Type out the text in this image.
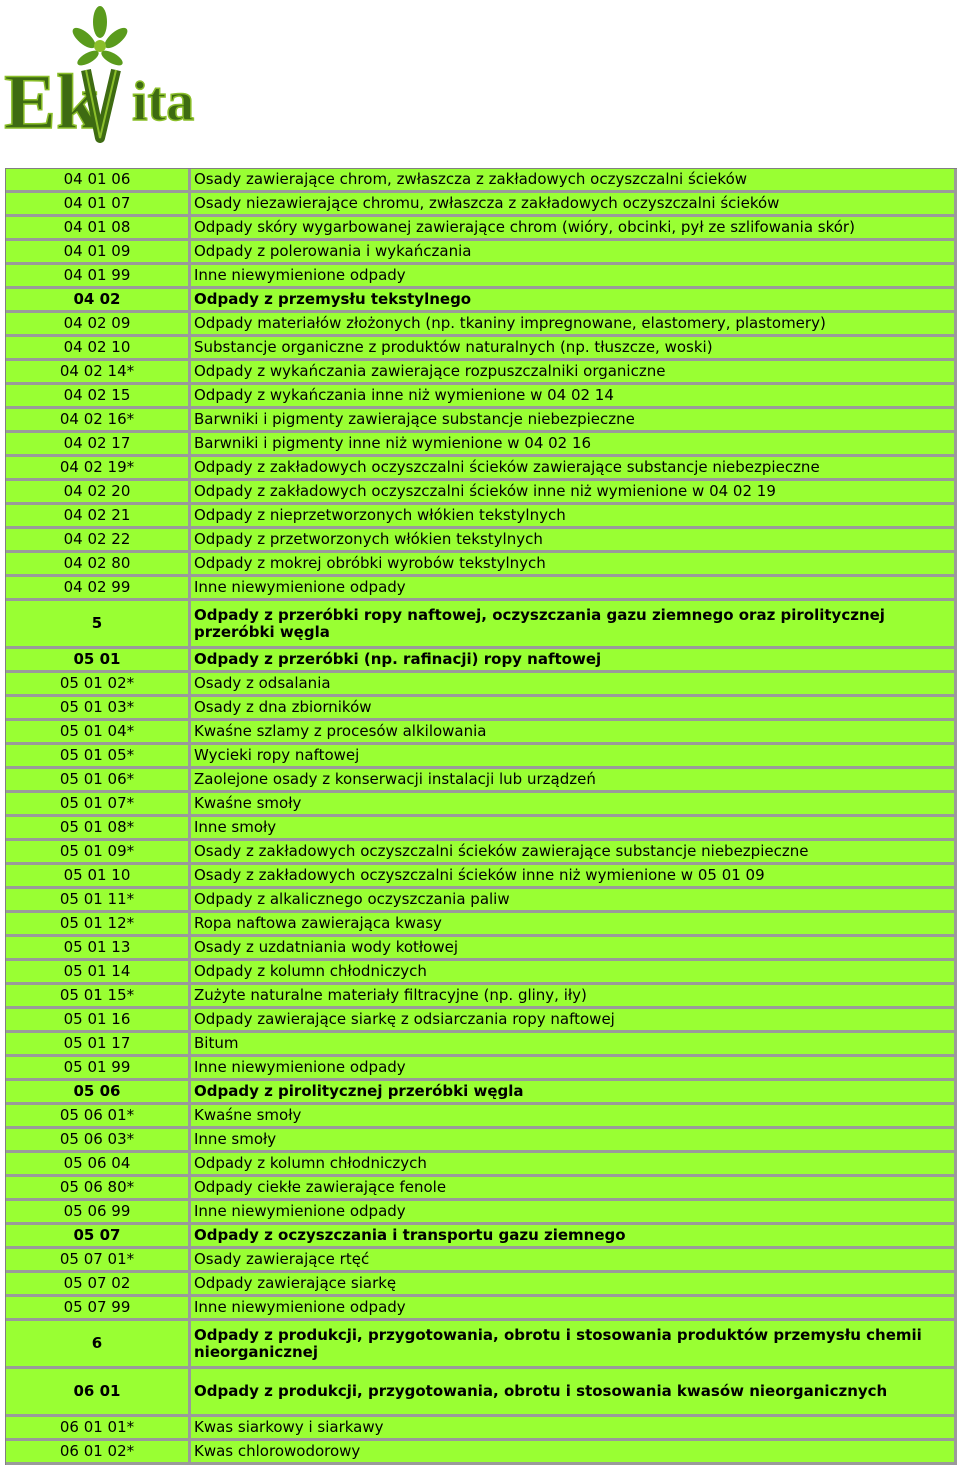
Ek ita
04 01 06	Osady zawierające chrom, zwłaszcza z zakładowych oczyszczalni ścieków
04 01 07	Osady niezawierające chromu, zwłaszcza z zakładowych oczyszczalni ścieków
04 01 08	Odpady skóry wygarbowanej zawierające chrom (wióry, obcinki, pył ze szlifowania skór)
04 01 09	Odpady z polerowania i wykańczania
04 01 99	Inne niewymienione odpady
04 02	Odpady z przemysłu tekstylnego
04 02 09	Odpady materiałów złożonych (np. tkaniny impregnowane, elastomery, plastomery)
04 02 10	Substancje organiczne z produktów naturalnych (np. tłuszcze, woski)
04 02 14*	Odpady z wykańczania zawierające rozpuszczalniki organiczne
04 02 15	Odpady z wykańczania inne niż wymienione w 04 02 14
04 02 16*	Barwniki i pigmenty zawierające substancje niebezpieczne
04 02 17	Barwniki i pigmenty inne niż wymienione w 04 02 16
04 02 19*	Odpady z zakładowych oczyszczalni ścieków zawierające substancje niebezpieczne
04 02 20	Odpady z zakładowych oczyszczalni ścieków inne niż wymienione w 04 02 19
04 02 21	Odpady z nieprzetworzonych włókien tekstylnych
04 02 22	Odpady z przetworzonych włókien tekstylnych
04 02 80	Odpady z mokrej obróbki wyrobów tekstylnych
04 02 99	Inne niewymienione odpady
5	Odpady z przeróbki ropy naftowej, oczyszczania gazu ziemnego oraz pirolitycznej przeróbki węgla
05 01	Odpady z przeróbki (np. rafinacji) ropy naftowej
05 01 02*	Osady z odsalania
05 01 03*	Osady z dna zbiorników
05 01 04*	Kwaśne szlamy z procesów alkilowania
05 01 05*	Wycieki ropy naftowej
05 01 06*	Zaolejone osady z konserwacji instalacji lub urządzeń
05 01 07*	Kwaśne smoły
05 01 08*	Inne smoły
05 01 09*	Osady z zakładowych oczyszczalni ścieków zawierające substancje niebezpieczne
05 01 10	Osady z zakładowych oczyszczalni ścieków inne niż wymienione w 05 01 09
05 01 11*	Odpady z alkalicznego oczyszczania paliw
05 01 12*	Ropa naftowa zawierająca kwasy
05 01 13	Osady z uzdatniania wody kotłowej
05 01 14	Odpady z kolumn chłodniczych
05 01 15*	Zużyte naturalne materiały filtracyjne (np. gliny, iły)
05 01 16	Odpady zawierające siarkę z odsiarczania ropy naftowej
05 01 17	Bitum
05 01 99	Inne niewymienione odpady
05 06	Odpady z pirolitycznej przeróbki węgla
05 06 01*	Kwaśne smoły
05 06 03*	Inne smoły
05 06 04	Odpady z kolumn chłodniczych
05 06 80*	Odpady ciekłe zawierające fenole
05 06 99	Inne niewymienione odpady
05 07	Odpady z oczyszczania i transportu gazu ziemnego
05 07 01*	Osady zawierające rtęć
05 07 02	Odpady zawierające siarkę
05 07 99	Inne niewymienione odpady
6	Odpady z produkcji, przygotowania, obrotu i stosowania produktów przemysłu chemii nieorganicznej
06 01	Odpady z produkcji, przygotowania, obrotu i stosowania kwasów nieorganicznych
06 01 01*	Kwas siarkowy i siarkawy
06 01 02*	Kwas chlorowodorowy
